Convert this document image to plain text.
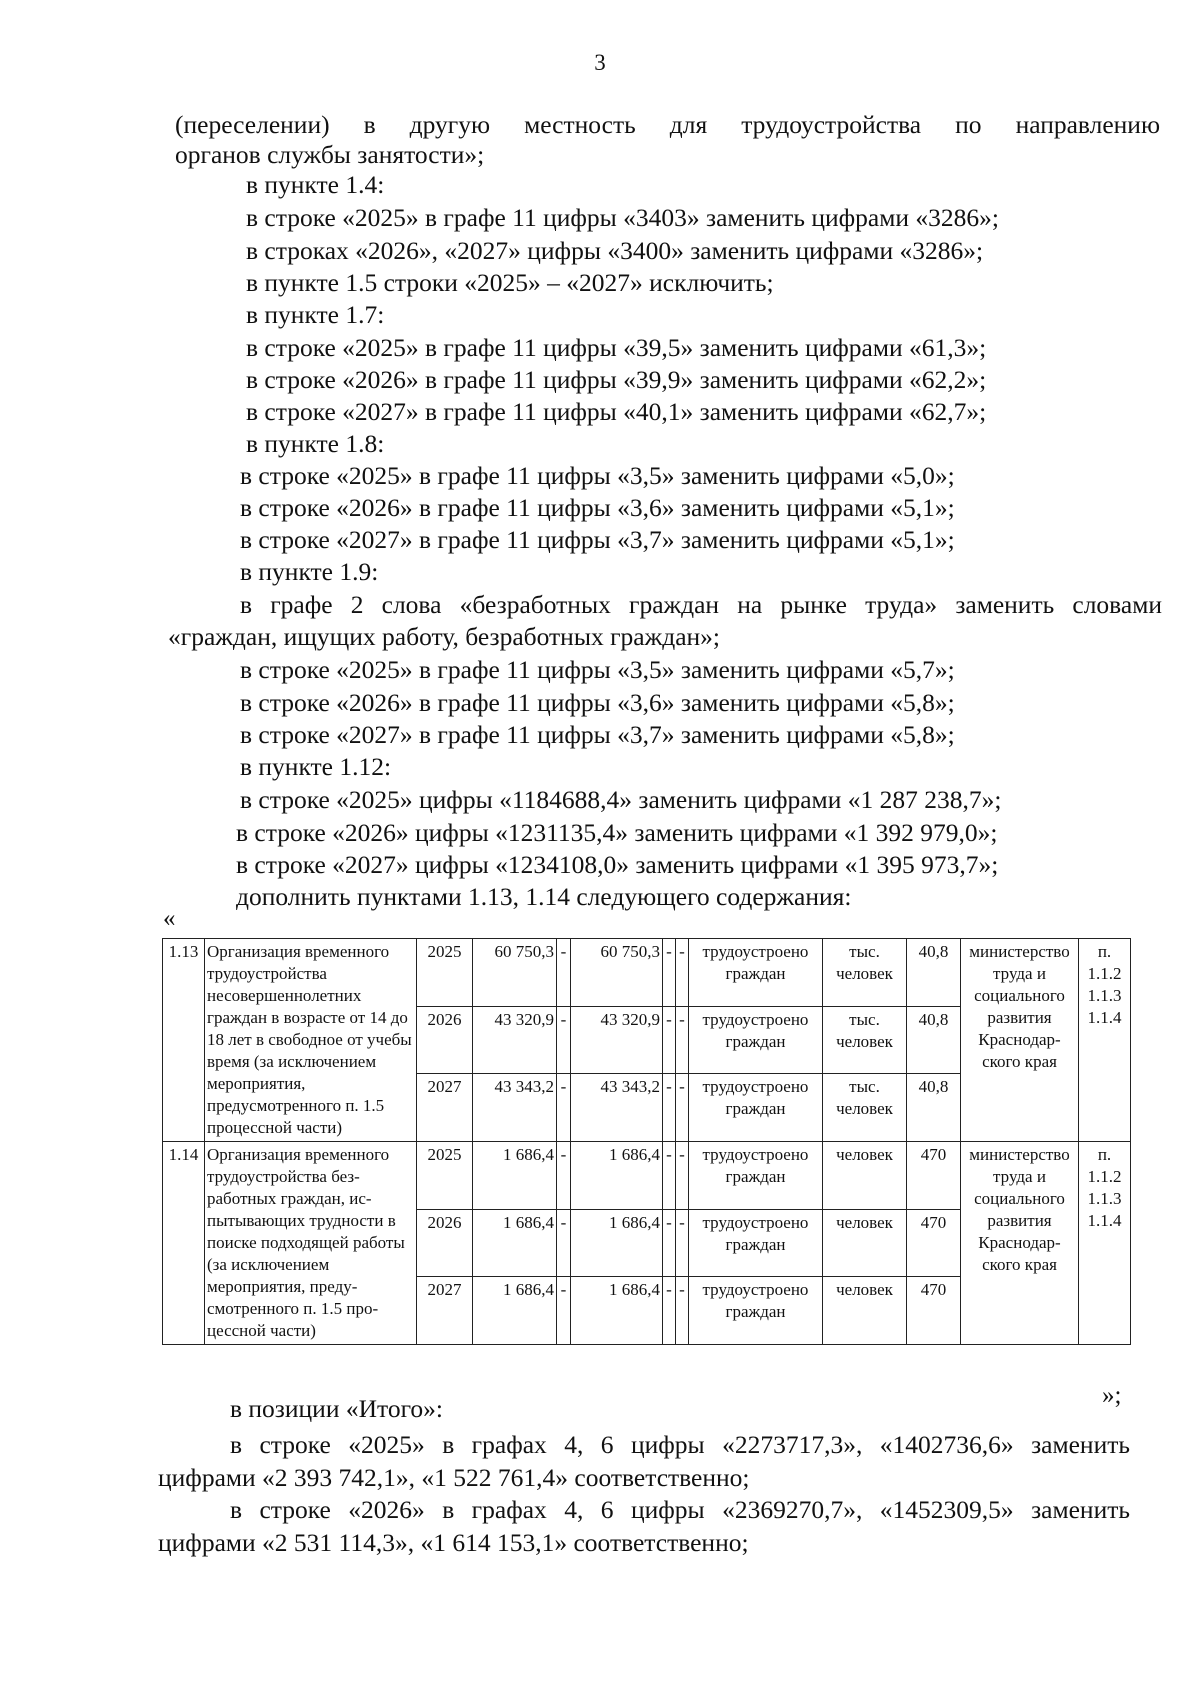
3
(переселении) в другую местность для трудоустройства по направлению
органов службы занятости»;
в пункте 1.4:
в строке «2025» в графе 11 цифры «3403» заменить цифрами «3286»;
в строках «2026», «2027» цифры «3400» заменить цифрами «3286»;
в пункте 1.5 строки «2025» – «2027» исключить;
в пункте 1.7:
в строке «2025» в графе 11 цифры «39,5» заменить цифрами «61,3»;
в строке «2026» в графе 11 цифры «39,9» заменить цифрами «62,2»;
в строке «2027» в графе 11 цифры «40,1» заменить цифрами «62,7»;
в пункте 1.8:
в строке «2025» в графе 11 цифры «3,5» заменить цифрами «5,0»;
в строке «2026» в графе 11 цифры «3,6» заменить цифрами «5,1»;
в строке «2027» в графе 11 цифры «3,7» заменить цифрами «5,1»;
в пункте 1.9:
в графе 2 слова «безработных граждан на рынке труда» заменить словами
«граждан, ищущих работу, безработных граждан»;
в строке «2025» в графе 11 цифры «3,5» заменить цифрами «5,7»;
в строке «2026» в графе 11 цифры «3,6» заменить цифрами «5,8»;
в строке «2027» в графе 11 цифры «3,7» заменить цифрами «5,8»;
в пункте 1.12:
в строке «2025» цифры «1184688,4» заменить цифрами «1 287 238,7»;
в строке «2026» цифры «1231135,4» заменить цифрами «1 392 979,0»;
в строке «2027» цифры «1234108,0» заменить цифрами «1 395 973,7»;
дополнить пунктами 1.13, 1.14 следующего содержания:
«
1.13	Организация временного трудоустройства несовершеннолетних граждан в возрасте от 14 до 18 лет в свободное от учебы время (за исключением мероприятия, предусмотренного п. 1.5 процессной части)	2025	60 750,3	-	60 750,3	-	-	трудоустроено граждан	тыс. человек	40,8	министерство труда и социального развития Краснодарского края	п. 1.1.2 1.1.3 1.1.4
		2026	43 320,9	-	43 320,9	-	-	трудоустроено граждан	тыс. человек	40,8		
		2027	43 343,2	-	43 343,2	-	-	трудоустроено граждан	тыс. человек	40,8		
1.14	Организация временного трудоустройства безработных граждан, испытывающих трудности в поиске подходящей работы (за исключением мероприятия, предусмотренного п. 1.5 процессной части)	2025	1 686,4	-	1 686,4	-	-	трудоустроено граждан	человек	470	министерство труда и социального развития Краснодарского края	п. 1.1.2 1.1.3 1.1.4
		2026	1 686,4	-	1 686,4	-	-	трудоустроено граждан	человек	470		
		2027	1 686,4	-	1 686,4	-	-	трудоустроено граждан	человек	470		
»;
в позиции «Итого»:
в строке «2025» в графах 4, 6 цифры «2273717,3», «1402736,6» заменить
цифрами «2 393 742,1», «1 522 761,4» соответственно;
в строке «2026» в графах 4, 6 цифры «2369270,7», «1452309,5» заменить
цифрами «2 531 114,3», «1 614 153,1» соответственно;
